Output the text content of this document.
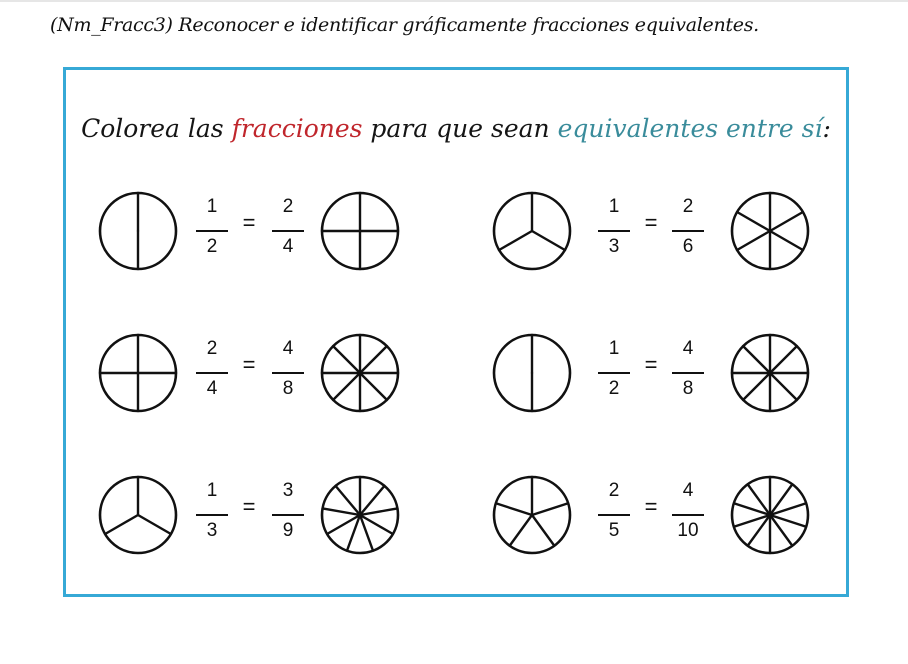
(Nm_Fracc3) Reconocer e identificar gráficamente fracciones equivalentes.
Colorea las fracciones para que sean equivalentes entre sí:
1
2
=
2
4
1
3
=
2
6
2
4
=
4
8
1
2
=
4
8
1
3
=
3
9
2
5
=
4
10
